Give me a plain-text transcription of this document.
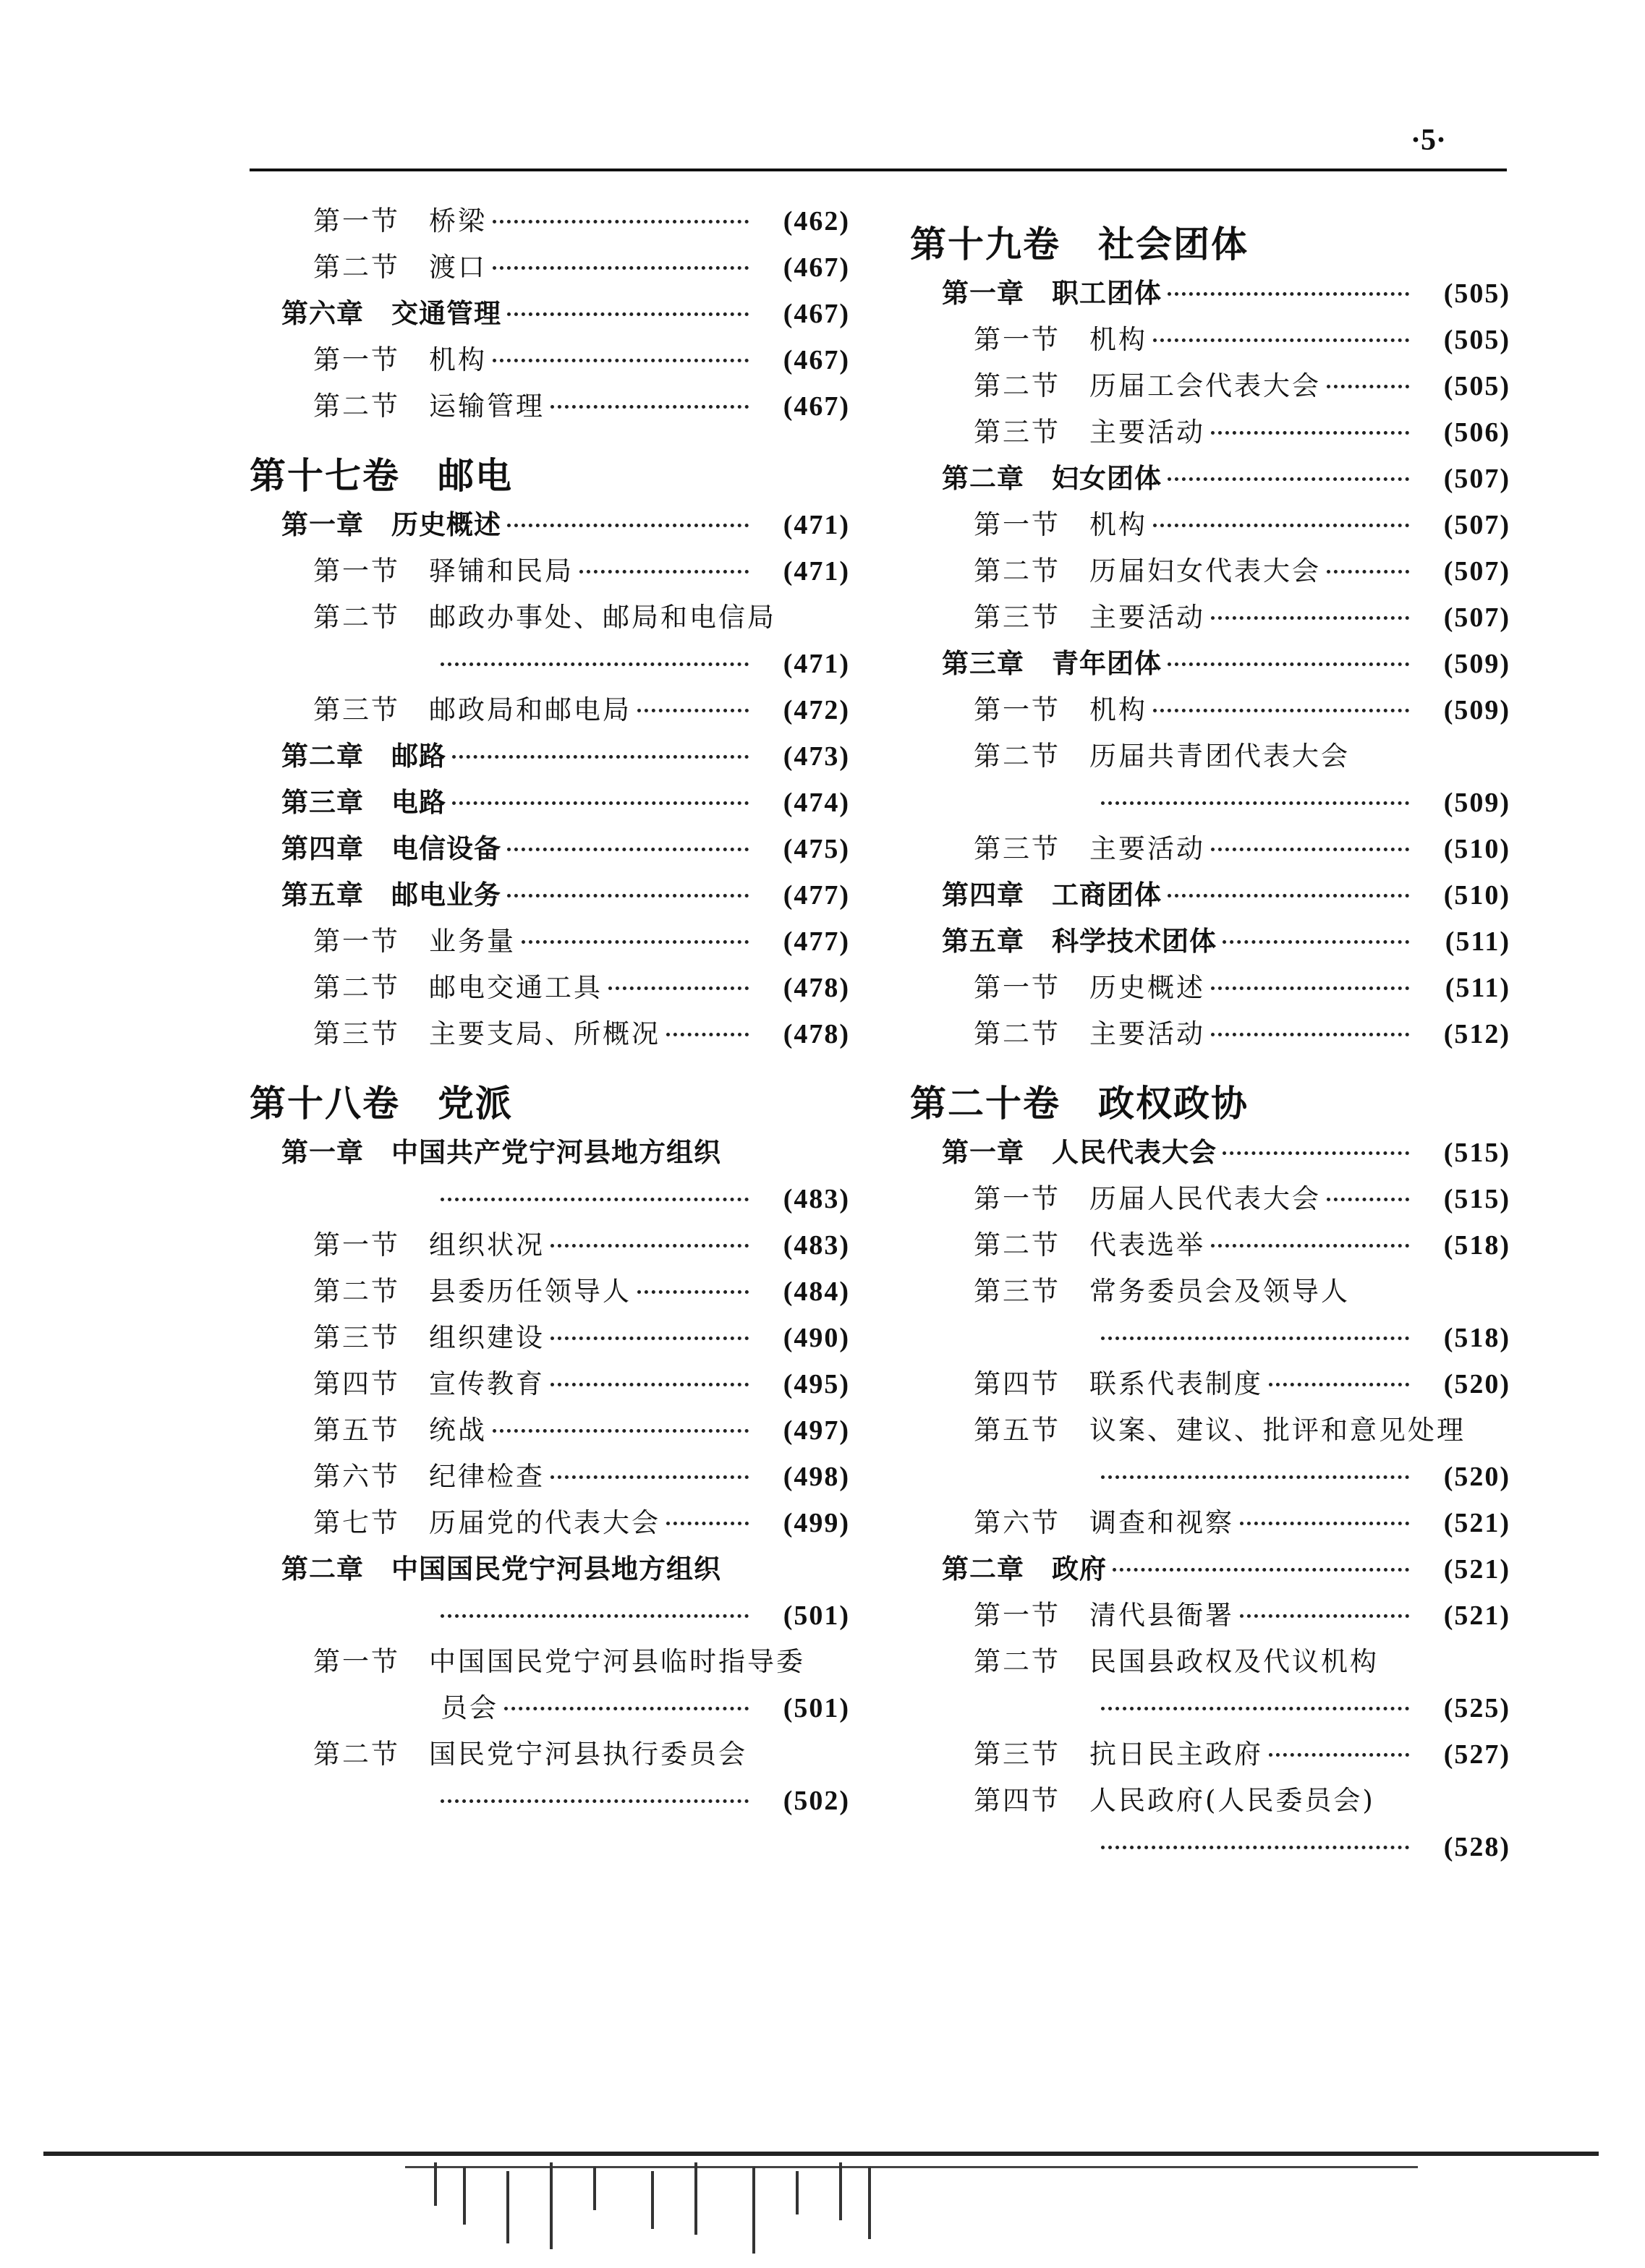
·5·
第一节　桥梁	(462)
第二节　渡口	(467)
第六章　交通管理	(467)
第一节　机构	(467)
第二节　运输管理	(467)
第十七卷　邮电
第一章　历史概述	(471)
第一节　驿铺和民局	(471)
第二节　邮政办事处、邮局和电信局
(471)
第三节　邮政局和邮电局	(472)
第二章　邮路	(473)
第三章　电路	(474)
第四章　电信设备	(475)
第五章　邮电业务	(477)
第一节　业务量	(477)
第二节　邮电交通工具	(478)
第三节　主要支局、所概况	(478)
第十八卷　党派
第一章　中国共产党宁河县地方组织
(483)
第一节　组织状况	(483)
第二节　县委历任领导人	(484)
第三节　组织建设	(490)
第四节　宣传教育	(495)
第五节　统战	(497)
第六节　纪律检查	(498)
第七节　历届党的代表大会	(499)
第二章　中国国民党宁河县地方组织
(501)
第一节　中国国民党宁河县临时指导委
员会	(501)
第二节　国民党宁河县执行委员会
(502)
第十九卷　社会团体
第一章　职工团体	(505)
第一节　机构	(505)
第二节　历届工会代表大会	(505)
第三节　主要活动	(506)
第二章　妇女团体	(507)
第一节　机构	(507)
第二节　历届妇女代表大会	(507)
第三节　主要活动	(507)
第三章　青年团体	(509)
第一节　机构	(509)
第二节　历届共青团代表大会
(509)
第三节　主要活动	(510)
第四章　工商团体	(510)
第五章　科学技术团体	(511)
第一节　历史概述	(511)
第二节　主要活动	(512)
第二十卷　政权政协
第一章　人民代表大会	(515)
第一节　历届人民代表大会	(515)
第二节　代表选举	(518)
第三节　常务委员会及领导人
(518)
第四节　联系代表制度	(520)
第五节　议案、建议、批评和意见处理
(520)
第六节　调查和视察	(521)
第二章　政府	(521)
第一节　清代县衙署	(521)
第二节　民国县政权及代议机构
(525)
第三节　抗日民主政府	(527)
第四节　人民政府(人民委员会)
(528)
